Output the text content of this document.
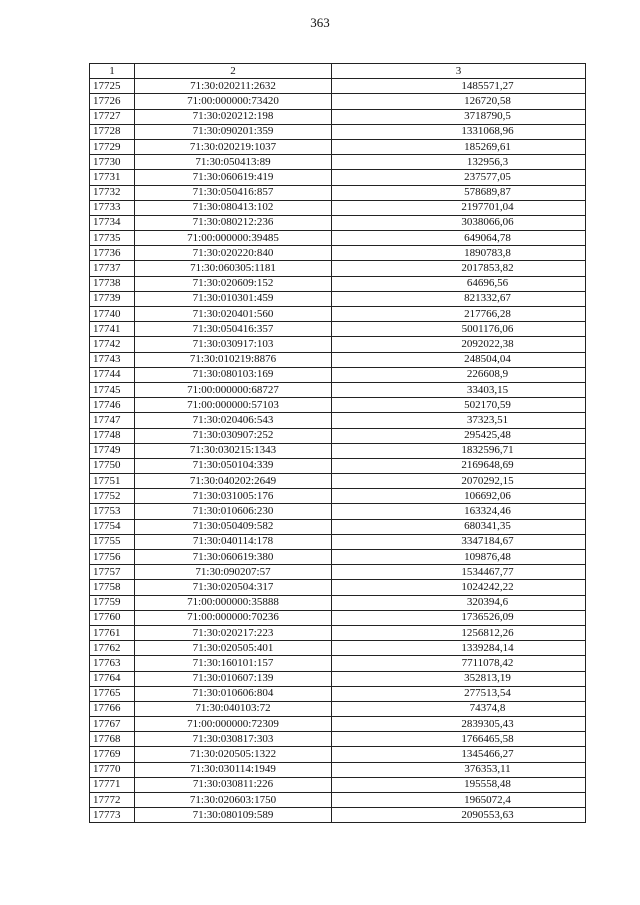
363
1	2	3
17725	71:30:020211:2632	1485571,27
17726	71:00:000000:73420	126720,58
17727	71:30:020212:198	3718790,5
17728	71:30:090201:359	1331068,96
17729	71:30:020219:1037	185269,61
17730	71:30:050413:89	132956,3
17731	71:30:060619:419	237577,05
17732	71:30:050416:857	578689,87
17733	71:30:080413:102	2197701,04
17734	71:30:080212:236	3038066,06
17735	71:00:000000:39485	649064,78
17736	71:30:020220:840	1890783,8
17737	71:30:060305:1181	2017853,82
17738	71:30:020609:152	64696,56
17739	71:30:010301:459	821332,67
17740	71:30:020401:560	217766,28
17741	71:30:050416:357	5001176,06
17742	71:30:030917:103	2092022,38
17743	71:30:010219:8876	248504,04
17744	71:30:080103:169	226608,9
17745	71:00:000000:68727	33403,15
17746	71:00:000000:57103	502170,59
17747	71:30:020406:543	37323,51
17748	71:30:030907:252	295425,48
17749	71:30:030215:1343	1832596,71
17750	71:30:050104:339	2169648,69
17751	71:30:040202:2649	2070292,15
17752	71:30:031005:176	106692,06
17753	71:30:010606:230	163324,46
17754	71:30:050409:582	680341,35
17755	71:30:040114:178	3347184,67
17756	71:30:060619:380	109876,48
17757	71:30:090207:57	1534467,77
17758	71:30:020504:317	1024242,22
17759	71:00:000000:35888	320394,6
17760	71:00:000000:70236	1736526,09
17761	71:30:020217:223	1256812,26
17762	71:30:020505:401	1339284,14
17763	71:30:160101:157	7711078,42
17764	71:30:010607:139	352813,19
17765	71:30:010606:804	277513,54
17766	71:30:040103:72	74374,8
17767	71:00:000000:72309	2839305,43
17768	71:30:030817:303	1766465,58
17769	71:30:020505:1322	1345466,27
17770	71:30:030114:1949	376353,11
17771	71:30:030811:226	195558,48
17772	71:30:020603:1750	1965072,4
17773	71:30:080109:589	2090553,63
